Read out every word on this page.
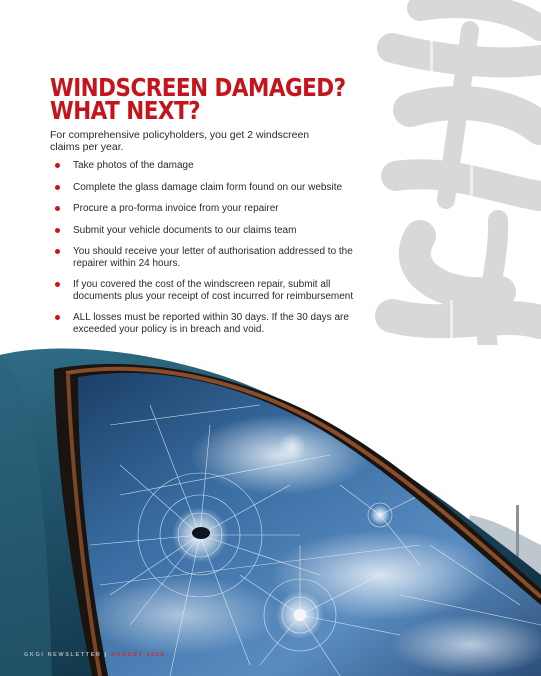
WINDSCREEN DAMAGED?
WHAT NEXT?

For comprehensive policyholders, you get 2 windscreen claims per year.

Take photos of the damage
Complete the glass damage claim form found on our website
Procure a pro-forma invoice from your repairer
Submit your vehicle documents to our claims team
You should receive your letter of authorisation addressed to the repairer within 24 hours.
If you covered the cost of the windscreen repair, submit all documents plus your receipt of cost incurred for reimbursement
ALL losses must be reported within 30 days. If the 30 days are exceeded your policy is in breach and void.
GKGI NEWSLETTER | AUGUST 2020
